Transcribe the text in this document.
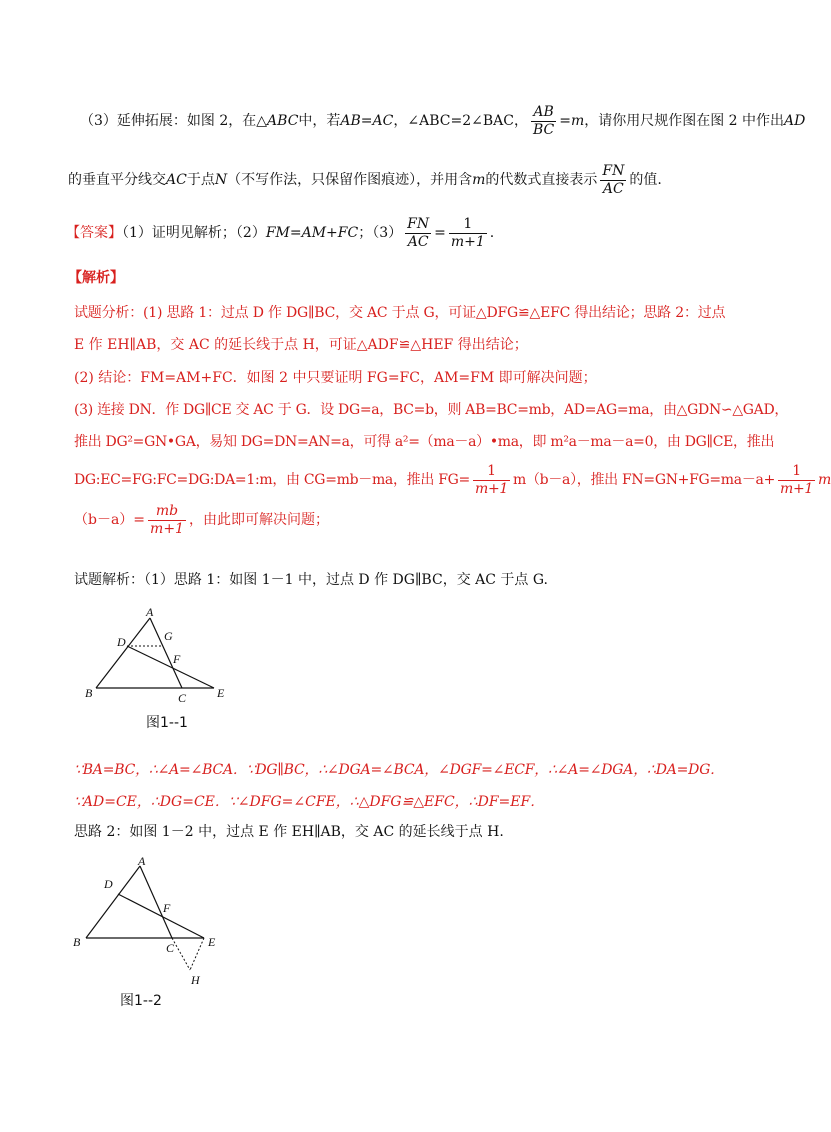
（3）延伸拓展：如图 2，在△ABC中，若AB=AC，∠ABC=2∠BAC， $\frac{AB}{BC} =m$，请你用尺规作图在图 2 中作出AD
的垂直平分线交AC于点N（不写作法，只保留作图痕迹），并用含m的代数式直接表示 $\frac{FN}{AC}$ 的值.
【答案】（1）证明见解析；（2）FM=AM+FC；$(3) \frac{FN}{AC} = \frac{1}{m+1}$ .
【解析】
试题分析：(1) 思路 1：过点 D 作 DG∥BC，交 AC 于点 G，可证△DFG≌△EFC 得出结论；思路 2：过点
E 作 EH∥AB，交 AC 的延长线于点 H，可证△ADF≌△HEF 得出结论；
(2) 结论：FM=AM+FC．如图 2 中只要证明 FG=FC，AM=FM 即可解决问题；
(3) 连接 DN．作 DG∥CE 交 AC 于 G．设 DG=a，BC=b，则 AB=BC=mb，AD=AG=ma，由△GDN∽△GAD，
推出 DG²=GN•GA，易知 DG=DN=AN=a，可得 a²=（ma－a）•ma，即 m²a－ma－a=0，由 DG∥CE，推出
DG:EC=FG:FC=DG:DA=1:m，由 CG=mb－ma，推出 $FG= \frac{1}{m+1} m(b-a)$，推出 $FN=GN+FG=ma-a+ \frac{1}{m+1}$ m
$(b-a)= \frac{mb}{m+1}$ ，由此即可解决问题；
试题解析：（1）思路 1：如图 1－1 中，过点 D 作 DG∥BC，交 AC 于点 G.
A
D	G
F
B	C	E
图1--1
∵BA=BC，∴∠A=∠BCA．∵DG∥BC，∴∠DGA=∠BCA，∠DGF=∠ECF，∴∠A=∠DGA，∴DA=DG．
∵AD=CE，∴DG=CE．∵∠DFG=∠CFE，∴△DFG≌△EFC，∴DF=EF．
思路 2：如图 1－2 中，过点 E 作 EH∥AB，交 AC 的延长线于点 H.
A
D
F
B	C	E
H
图1--2
